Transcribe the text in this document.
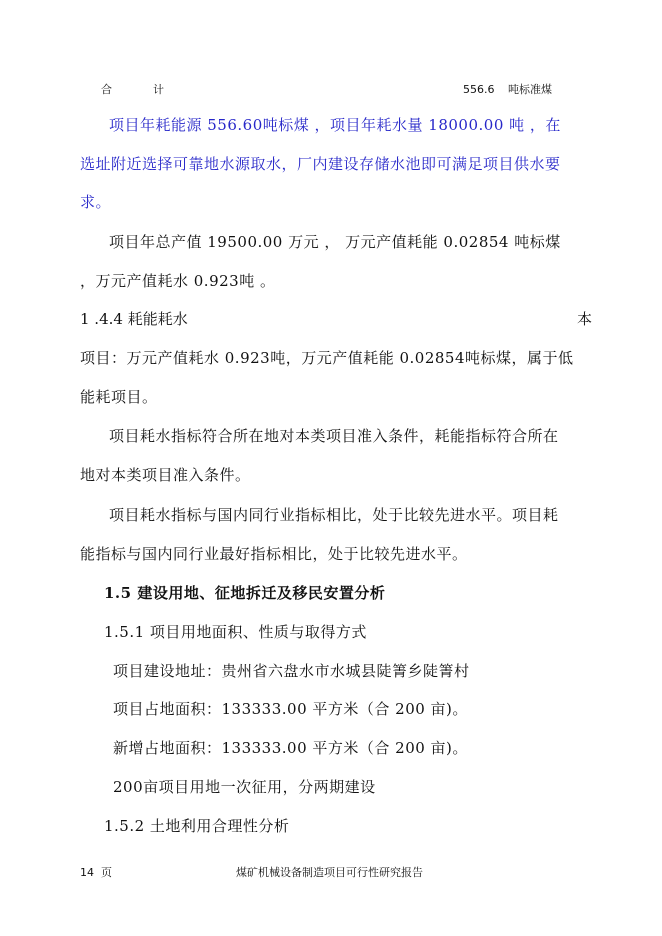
合	计	556.6 吨标准煤
项目年耗能源 556.60吨标煤 ，项目年耗水量 18000.00 吨 ，在
选址附近选择可靠地水源取水，厂内建设存储水池即可满足项目供水要
求。
项目年总产值 19500.00 万元 ， 万元产值耗能 0.02854 吨标煤
，万元产值耗水 0.923吨 。
1 .4.4 耗能耗水	本
项目：万元产值耗水 0.923吨，万元产值耗能 0.02854吨标煤，属于低
能耗项目。
项目耗水指标符合所在地对本类项目准入条件，耗能指标符合所在
地对本类项目准入条件。
项目耗水指标与国内同行业指标相比，处于比较先进水平。项目耗
能指标与国内同行业最好指标相比，处于比较先进水平。
1.5 建设用地、征地拆迁及移民安置分析
1.5.1 项目用地面积、性质与取得方式
项目建设地址：贵州省六盘水市水城县陡箐乡陡箐村
项目占地面积：133333.00 平方米（合 200 亩)。
新增占地面积：133333.00 平方米（合 200 亩)。
200亩项目用地一次征用，分两期建设
1.5.2 土地利用合理性分析
14 页	煤矿机械设备制造项目可行性研究报告
